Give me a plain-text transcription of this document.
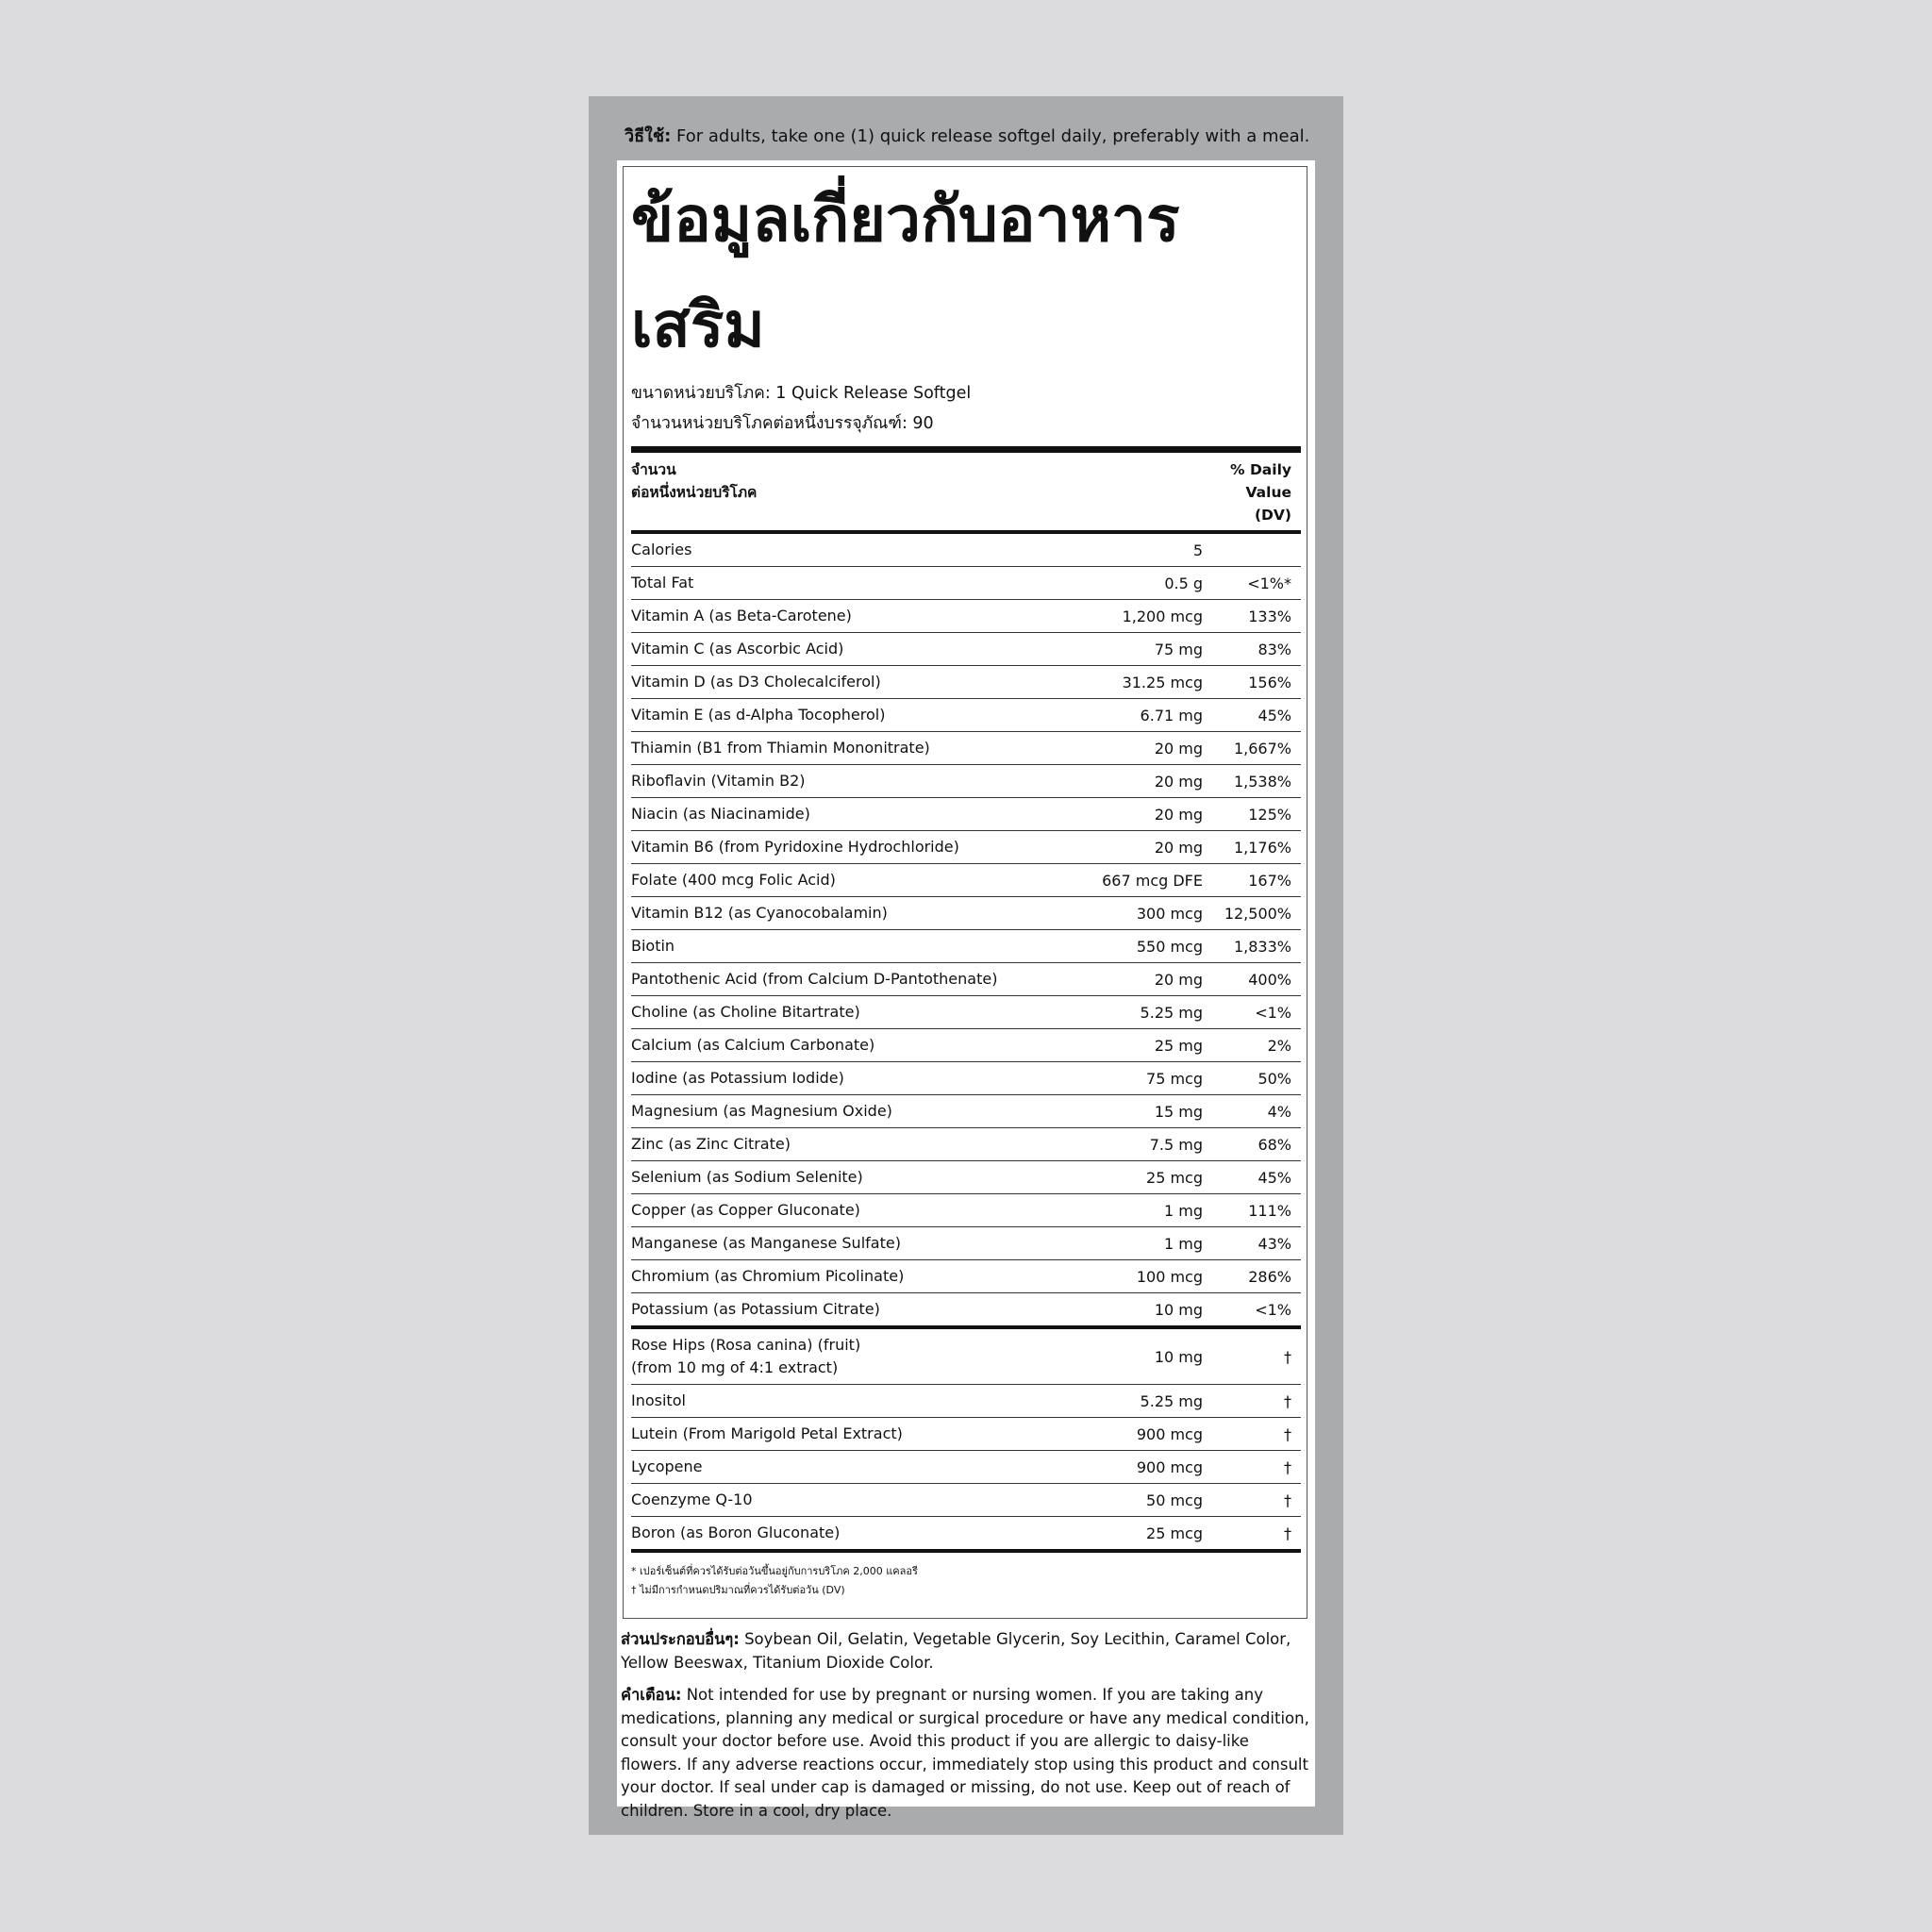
วิธีใช้: For adults, take one (1) quick release softgel daily, preferably with a meal.
ข้อมูลเกี่ยวกับอาหารเสริม
ขนาดหน่วยบริโภค: 1 Quick Release Softgel
จำนวนหน่วยบริโภคต่อหนึ่งบรรจุภัณฑ์: 90
จำนวน
ต่อหนึ่งหน่วยบริโภค
% Daily
Value
(DV)
Calories	5
Total Fat	0.5 g	<1%*
Vitamin A (as Beta-Carotene)	1,200 mcg	133%
Vitamin C (as Ascorbic Acid)	75 mg	83%
Vitamin D (as D3 Cholecalciferol)	31.25 mcg	156%
Vitamin E (as d-Alpha Tocopherol)	6.71 mg	45%
Thiamin (B1 from Thiamin Mononitrate)	20 mg	1,667%
Riboflavin (Vitamin B2)	20 mg	1,538%
Niacin (as Niacinamide)	20 mg	125%
Vitamin B6 (from Pyridoxine Hydrochloride)	20 mg	1,176%
Folate (400 mcg Folic Acid)	667 mcg DFE	167%
Vitamin B12 (as Cyanocobalamin)	300 mcg	12,500%
Biotin	550 mcg	1,833%
Pantothenic Acid (from Calcium D-Pantothenate)	20 mg	400%
Choline (as Choline Bitartrate)	5.25 mg	<1%
Calcium (as Calcium Carbonate)	25 mg	2%
Iodine (as Potassium Iodide)	75 mcg	50%
Magnesium (as Magnesium Oxide)	15 mg	4%
Zinc (as Zinc Citrate)	7.5 mg	68%
Selenium (as Sodium Selenite)	25 mcg	45%
Copper (as Copper Gluconate)	1 mg	111%
Manganese (as Manganese Sulfate)	1 mg	43%
Chromium (as Chromium Picolinate)	100 mcg	286%
Potassium (as Potassium Citrate)	10 mg	<1%
Rose Hips (Rosa canina) (fruit)
(from 10 mg of 4:1 extract)
10 mg	†
Inositol	5.25 mg	†
Lutein (From Marigold Petal Extract)	900 mcg	†
Lycopene	900 mcg	†
Coenzyme Q-10	50 mcg	†
Boron (as Boron Gluconate)	25 mcg	†
* เปอร์เซ็นต์ที่ควรได้รับต่อวันขึ้นอยู่กับการบริโภค 2,000 แคลอรี
† ไม่มีการกำหนดปริมาณที่ควรได้รับต่อวัน (DV)

ส่วนประกอบอื่นๆ: Soybean Oil, Gelatin, Vegetable Glycerin, Soy Lecithin, Caramel Color, Yellow Beeswax, Titanium Dioxide Color.

คำเตือน: Not intended for use by pregnant or nursing women. If you are taking any medications, planning any medical or surgical procedure or have any medical condition, consult your doctor before use. Avoid this product if you are allergic to daisy-like flowers. If any adverse reactions occur, immediately stop using this product and consult your doctor. If seal under cap is damaged or missing, do not use. Keep out of reach of children. Store in a cool, dry place.
